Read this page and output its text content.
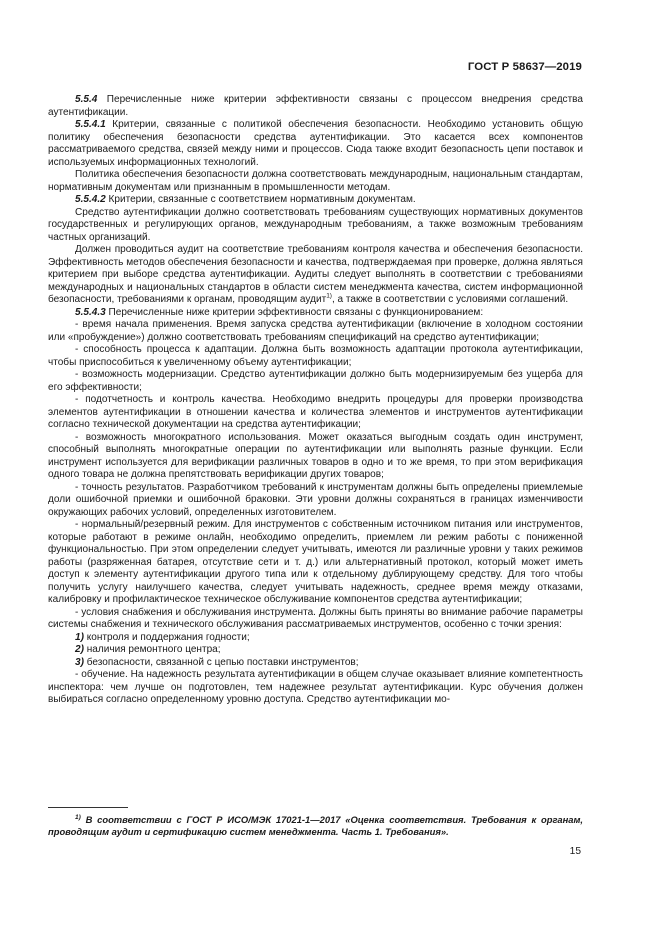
ГОСТ Р 58637—2019

5.5.4 Перечисленные ниже критерии эффективности связаны с процессом внедрения средства аутентификации.

5.5.4.1 Критерии, связанные с политикой обеспечения безопасности. Необходимо установить общую политику обеспечения безопасности средства аутентификации. Это касается всех компонентов рассматриваемого средства, связей между ними и процессов. Сюда также входит безопасность цепи поставок и используемых информационных технологий.

Политика обеспечения безопасности должна соответствовать международным, национальным стандартам, нормативным документам или признанным в промышленности методам.

5.5.4.2 Критерии, связанные с соответствием нормативным документам.

Средство аутентификации должно соответствовать требованиям существующих нормативных документов государственных и регулирующих органов, международным требованиям, а также возможным требованиям частных организаций.

Должен проводиться аудит на соответствие требованиям контроля качества и обеспечения безопасности. Эффективность методов обеспечения безопасности и качества, подтверждаемая при проверке, должна являться критерием при выборе средства аутентификации. Аудиты следует выполнять в соответствии с требованиями международных и национальных стандартов в области систем менеджмента качества, систем информационной безопасности, требованиями к органам, проводящим аудит$^{1)}$, а также в соответствии с условиями соглашений.

5.5.4.3 Перечисленные ниже критерии эффективности связаны с функционированием:

- время начала применения. Время запуска средства аутентификации (включение в холодном состоянии или «пробуждение») должно соответствовать требованиям спецификаций на средство аутентификации;

- способность процесса к адаптации. Должна быть возможность адаптации протокола аутентификации, чтобы приспособиться к увеличенному объему аутентификации;

- возможность модернизации. Средство аутентификации должно быть модернизируемым без ущерба для его эффективности;

- подотчетность и контроль качества. Необходимо внедрить процедуры для проверки производства элементов аутентификации в отношении качества и количества элементов и инструментов аутентификации согласно технической документации на средства аутентификации;

- возможность многократного использования. Может оказаться выгодным создать один инструмент, способный выполнять многократные операции по аутентификации или выполнять разные функции. Если инструмент используется для верификации различных товаров в одно и то же время, то при этом верификация одного товара не должна препятствовать верификации других товаров;

- точность результатов. Разработчиком требований к инструментам должны быть определены приемлемые доли ошибочной приемки и ошибочной браковки. Эти уровни должны сохраняться в границах изменчивости окружающих рабочих условий, определенных изготовителем.

- нормальный/резервный режим. Для инструментов с собственным источником питания или инструментов, которые работают в режиме онлайн, необходимо определить, приемлем ли режим работы с пониженной функциональностью. При этом определении следует учитывать, имеются ли различные уровни у таких режимов работы (разряженная батарея, отсутствие сети и т. д.) или альтернативный протокол, который может иметь доступ к элементу аутентификации другого типа или к отдельному дублирующему средству. Для того чтобы получить услугу наилучшего качества, следует учитывать надежность, среднее время между отказами, калибровку и профилактическое техническое обслуживание компонентов средства аутентификации;

- условия снабжения и обслуживания инструмента. Должны быть приняты во внимание рабочие параметры системы снабжения и технического обслуживания рассматриваемых инструментов, особенно с точки зрения:

1) контроля и поддержания годности;

2) наличия ремонтного центра;

3) безопасности, связанной с цепью поставки инструментов;

- обучение. На надежность результата аутентификации в общем случае оказывает влияние компетентность инспектора: чем лучше он подготовлен, тем надежнее результат аутентификации. Курс обучения должен выбираться согласно определенному уровню доступа. Средство аутентификации мо-

$^{1)}$ В соответствии с ГОСТ Р ИСО/МЭК 17021-1—2017 «Оценка соответствия. Требования к органам, проводящим аудит и сертификацию систем менеджмента. Часть 1. Требования».

15
